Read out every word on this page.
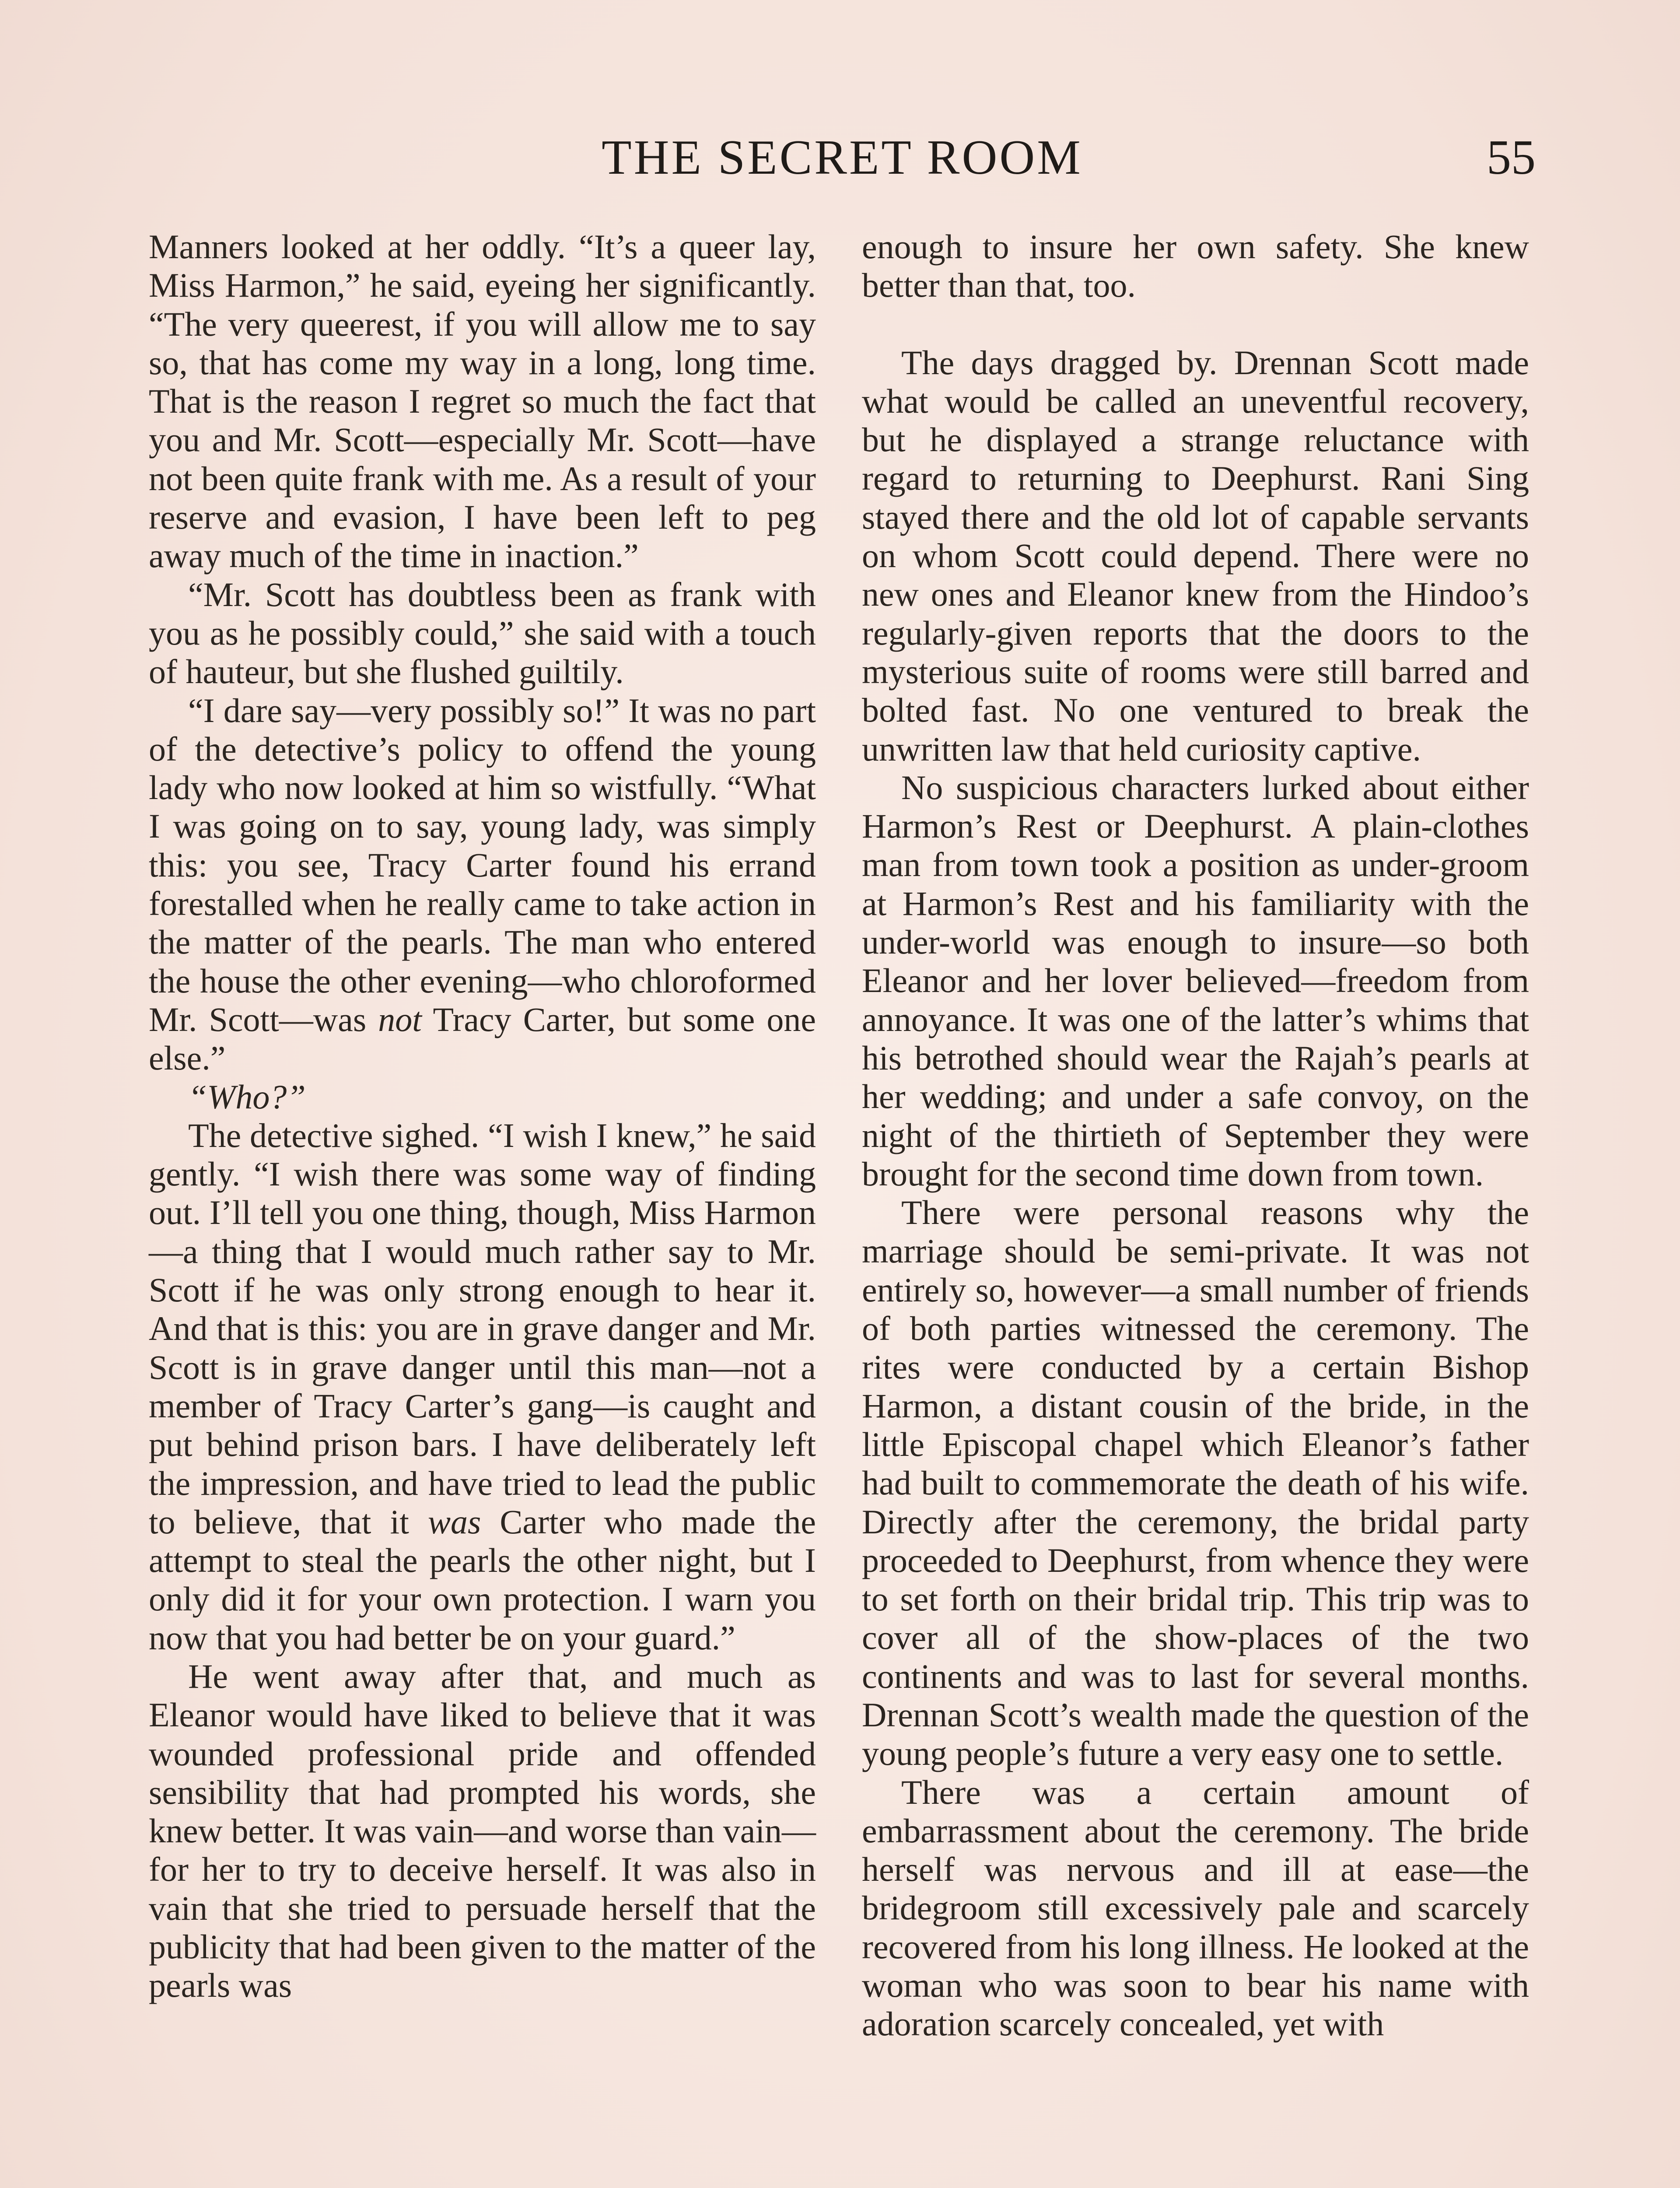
THE SECRET ROOM	55

Manners looked at her oddly. “It’s a queer lay, Miss Harmon,” he said, eyeing her significantly. “The very queerest, if you will allow me to say so, that has come my way in a long, long time. That is the reason I regret so much the fact that you and Mr. Scott—especially Mr. Scott—have not been quite frank with me. As a result of your reserve and evasion, I have been left to peg away much of the time in inaction.”

“Mr. Scott has doubtless been as frank with you as he possibly could,” she said with a touch of hauteur, but she flushed guiltily.

“I dare say—very possibly so!” It was no part of the detective’s policy to offend the young lady who now looked at him so wistfully. “What I was going on to say, young lady, was simply this: you see, Tracy Carter found his errand forestalled when he really came to take action in the matter of the pearls. The man who entered the house the other evening—who chloroformed Mr. Scott—was not Tracy Carter, but some one else.”

“Who?”

The detective sighed. “I wish I knew,” he said gently. “I wish there was some way of finding out. I’ll tell you one thing, though, Miss Harmon—a thing that I would much rather say to Mr. Scott if he was only strong enough to hear it. And that is this: you are in grave danger and Mr. Scott is in grave danger until this man—not a member of Tracy Carter’s gang—is caught and put behind prison bars. I have deliberately left the impression, and have tried to lead the public to believe, that it was Carter who made the attempt to steal the pearls the other night, but I only did it for your own protection. I warn you now that you had better be on your guard.”

He went away after that, and much as Eleanor would have liked to believe that it was wounded professional pride and offended sensibility that had prompted his words, she knew better. It was vain—and worse than vain—for her to try to deceive herself. It was also in vain that she tried to persuade herself that the publicity that had been given to the matter of the pearls was

enough to insure her own safety. She knew better than that, too.

The days dragged by. Drennan Scott made what would be called an uneventful recovery, but he displayed a strange reluctance with regard to returning to Deephurst. Rani Sing stayed there and the old lot of capable servants on whom Scott could depend. There were no new ones and Eleanor knew from the Hindoo’s regularly-given reports that the doors to the mysterious suite of rooms were still barred and bolted fast. No one ventured to break the unwritten law that held curiosity captive.

No suspicious characters lurked about either Harmon’s Rest or Deephurst. A plain-clothes man from town took a position as under-groom at Harmon’s Rest and his familiarity with the under-world was enough to insure—so both Eleanor and her lover believed—freedom from annoyance. It was one of the latter’s whims that his betrothed should wear the Rajah’s pearls at her wedding; and under a safe convoy, on the night of the thirtieth of September they were brought for the second time down from town.

There were personal reasons why the marriage should be semi-private. It was not entirely so, however—a small number of friends of both parties witnessed the ceremony. The rites were conducted by a certain Bishop Harmon, a distant cousin of the bride, in the little Episcopal chapel which Eleanor’s father had built to commemorate the death of his wife. Directly after the ceremony, the bridal party proceeded to Deephurst, from whence they were to set forth on their bridal trip. This trip was to cover all of the show-places of the two continents and was to last for several months. Drennan Scott’s wealth made the question of the young people’s future a very easy one to settle.

There was a certain amount of embarrassment about the ceremony. The bride herself was nervous and ill at ease—the bridegroom still excessively pale and scarcely recovered from his long illness. He looked at the woman who was soon to bear his name with adoration scarcely concealed, yet with
